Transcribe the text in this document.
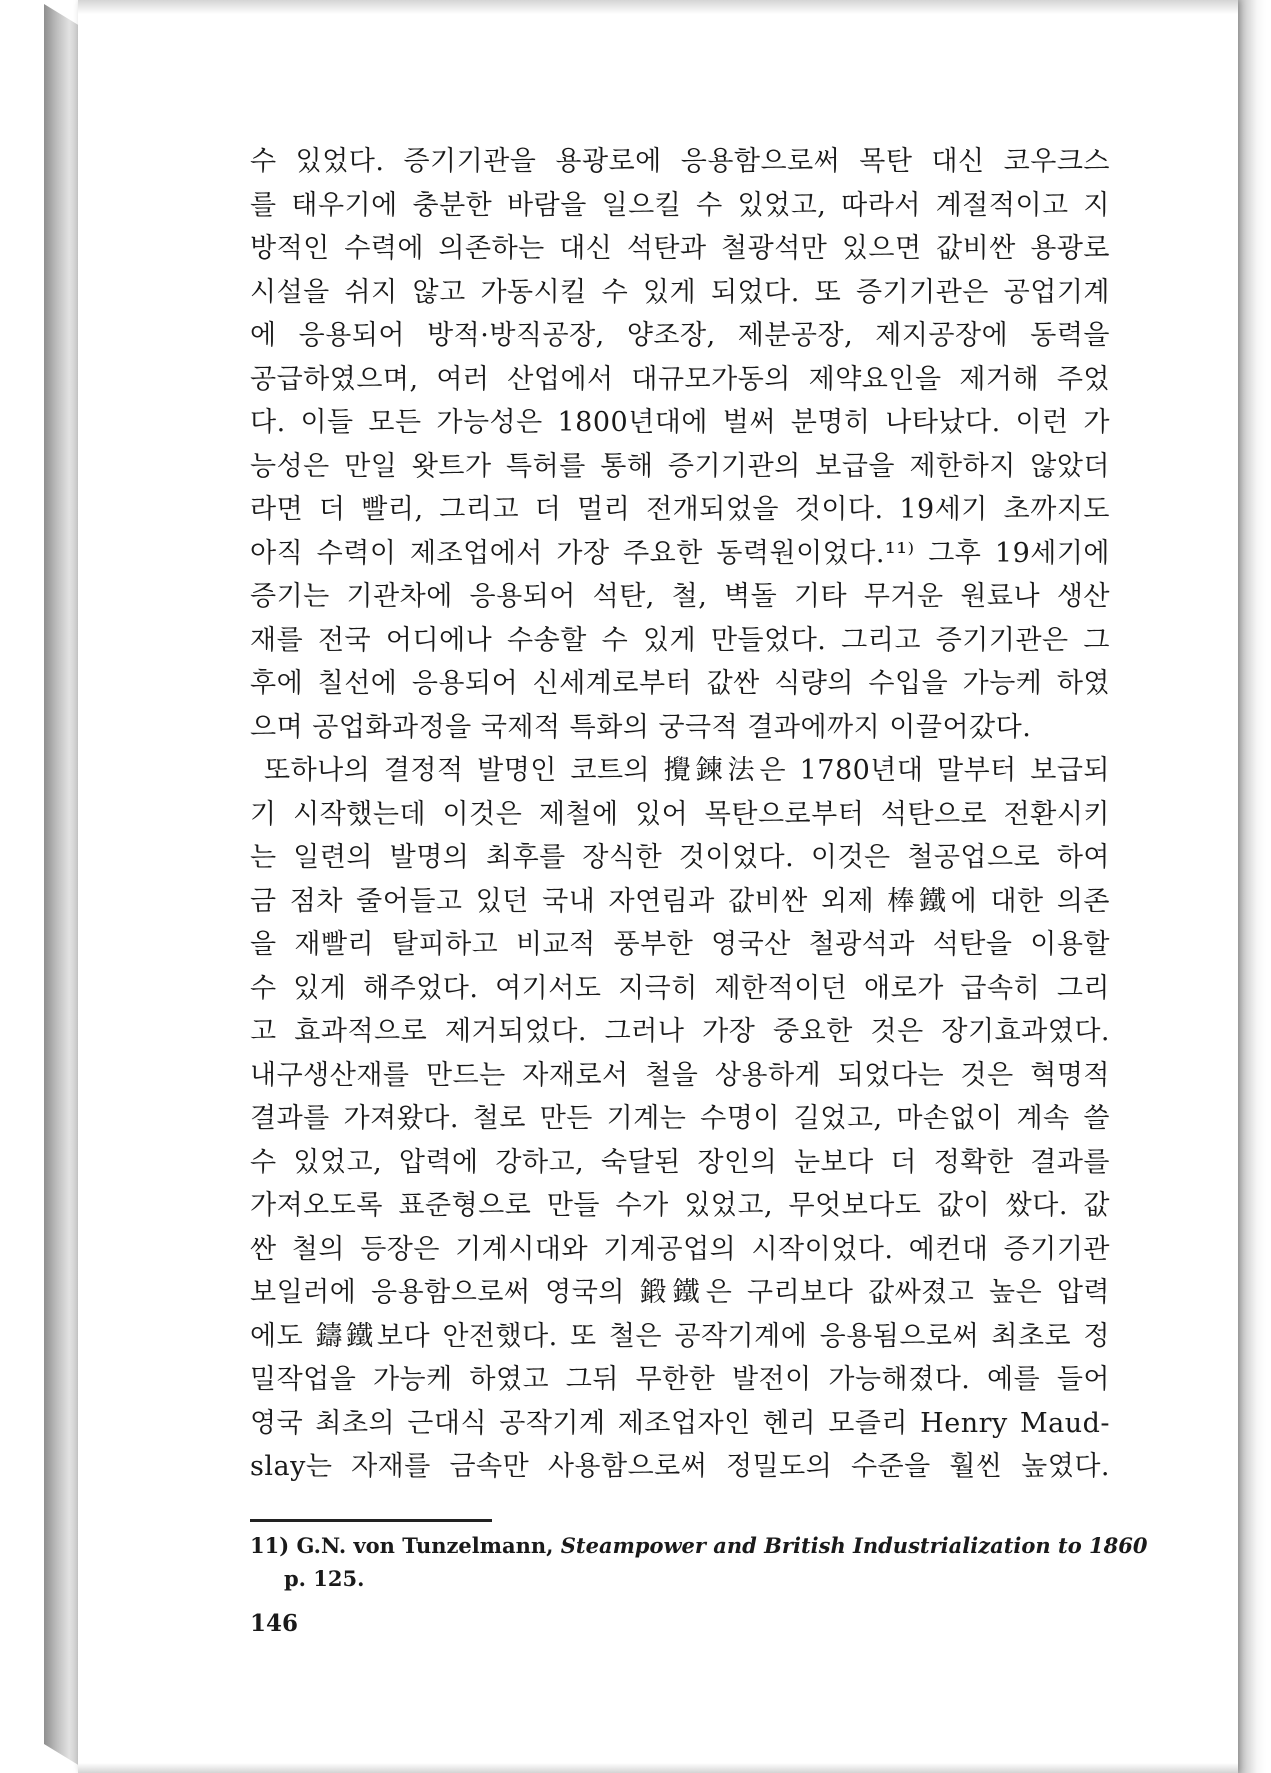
수 있었다. 증기기관을 용광로에 응용함으로써 목탄 대신 코우크스
를 태우기에 충분한 바람을 일으킬 수 있었고, 따라서 계절적이고 지
방적인 수력에 의존하는 대신 석탄과 철광석만 있으면 값비싼 용광로
시설을 쉬지 않고 가동시킬 수 있게 되었다. 또 증기기관은 공업기계
에 응용되어 방적·방직공장, 양조장, 제분공장, 제지공장에 동력을
공급하였으며, 여러 산업에서 대규모가동의 제약요인을 제거해 주었
다. 이들 모든 가능성은 1800년대에 벌써 분명히 나타났다. 이런 가
능성은 만일 왓트가 특허를 통해 증기기관의 보급을 제한하지 않았더
라면 더 빨리, 그리고 더 멀리 전개되었을 것이다. 19세기 초까지도
아직 수력이 제조업에서 가장 주요한 동력원이었다.¹¹⁾ 그후 19세기에
증기는 기관차에 응용되어 석탄, 철, 벽돌 기타 무거운 원료나 생산
재를 전국 어디에나 수송할 수 있게 만들었다. 그리고 증기기관은 그
후에 칠선에 응용되어 신세계로부터 값싼 식량의 수입을 가능케 하였
으며 공업화과정을 국제적 특화의 궁극적 결과에까지 이끌어갔다.
또하나의 결정적 발명인 코트의 攪鍊法은 1780년대 말부터 보급되
기 시작했는데 이것은 제철에 있어 목탄으로부터 석탄으로 전환시키
는 일련의 발명의 최후를 장식한 것이었다. 이것은 철공업으로 하여
금 점차 줄어들고 있던 국내 자연림과 값비싼 외제 棒鐵에 대한 의존
을 재빨리 탈피하고 비교적 풍부한 영국산 철광석과 석탄을 이용할
수 있게 해주었다. 여기서도 지극히 제한적이던 애로가 급속히 그리
고 효과적으로 제거되었다. 그러나 가장 중요한 것은 장기효과였다.
내구생산재를 만드는 자재로서 철을 상용하게 되었다는 것은 혁명적
결과를 가져왔다. 철로 만든 기계는 수명이 길었고, 마손없이 계속 쓸
수 있었고, 압력에 강하고, 숙달된 장인의 눈보다 더 정확한 결과를
가져오도록 표준형으로 만들 수가 있었고, 무엇보다도 값이 쌌다. 값
싼 철의 등장은 기계시대와 기계공업의 시작이었다. 예컨대 증기기관
보일러에 응용함으로써 영국의 鍛鐵은 구리보다 값싸졌고 높은 압력
에도 鑄鐵보다 안전했다. 또 철은 공작기계에 응용됨으로써 최초로 정
밀작업을 가능케 하였고 그뒤 무한한 발전이 가능해졌다. 예를 들어
영국 최초의 근대식 공작기계 제조업자인 헨리 모즐리 Henry Maud-
slay는 자재를 금속만 사용함으로써 정밀도의 수준을 훨씬 높였다.
11) G.N. von Tunzelmann, Steampower and British Industrialization to 1860
p. 125.
146
